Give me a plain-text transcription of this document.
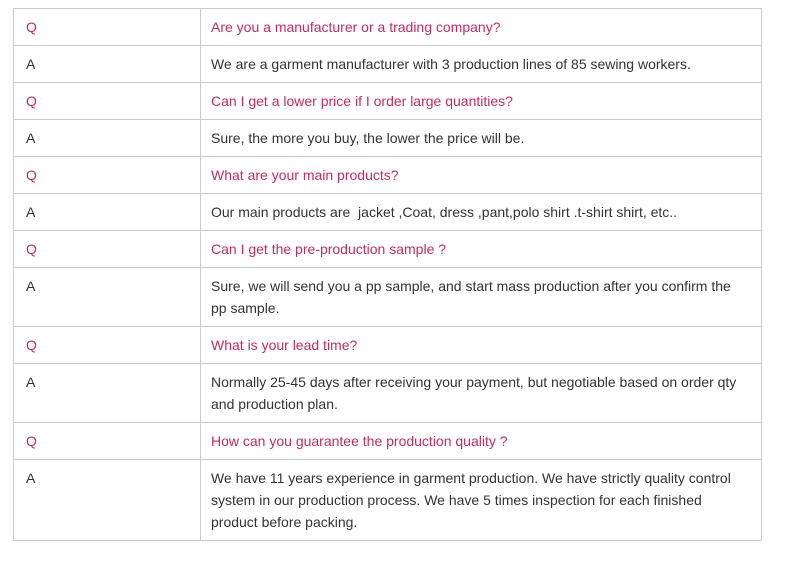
Q	Are you a manufacturer or a trading company?
A	We are a garment manufacturer with 3 production lines of 85 sewing workers.
Q	Can I get a lower price if I order large quantities?
A	Sure, the more you buy, the lower the price will be.
Q	What are your main products?
A	Our main products are  jacket ,Coat, dress ,pant,polo shirt .t-shirt shirt, etc..
Q	Can I get the pre-production sample ?
A	Sure, we will send you a pp sample, and start mass production after you confirm the pp sample.
Q	What is your lead time?
A	Normally 25-45 days after receiving your payment, but negotiable based on order qty and production plan.
Q	How can you guarantee the production quality ?
A	We have 11 years experience in garment production. We have strictly quality control system in our production process. We have 5 times inspection for each finished product before packing.
